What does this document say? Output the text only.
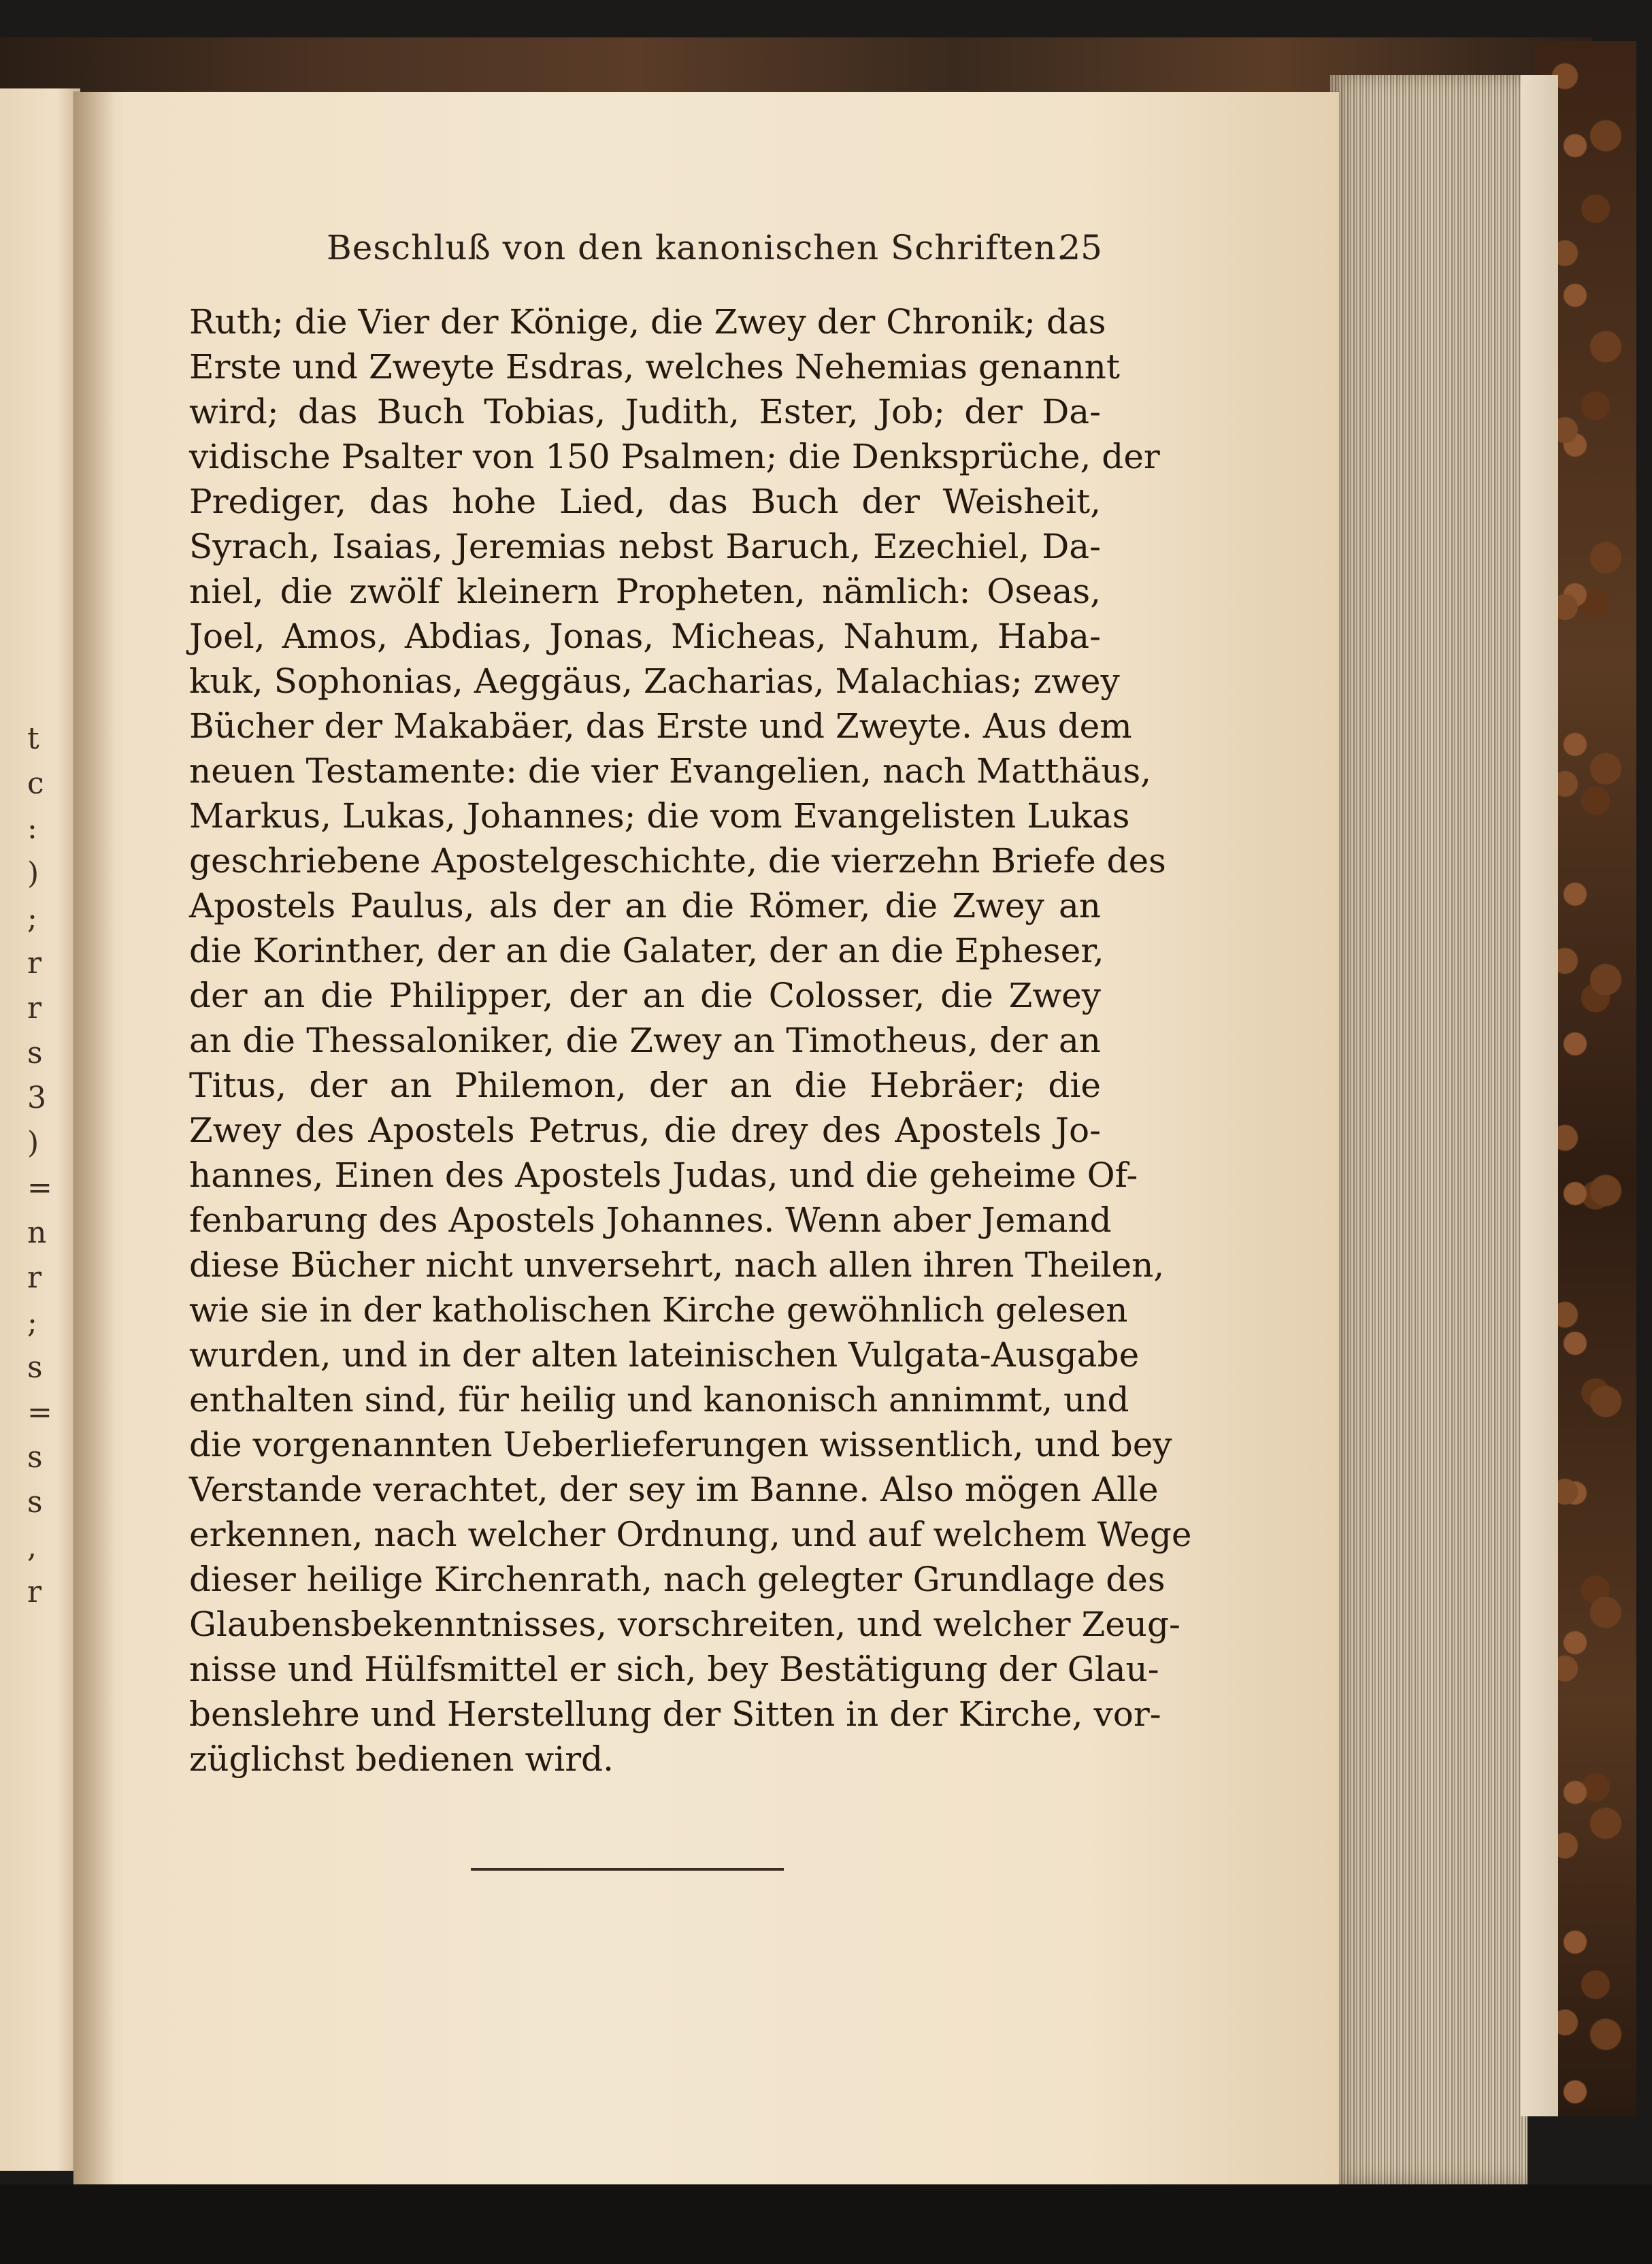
t
c
:
)
;
r
r
s
3
)
=
n
r
;
s
=
s
s
,
r
Beschluß von den kanonischen Schriften.
25
Ruth; die Vier der Könige, die Zwey der Chronik; das
Erste und Zweyte Esdras, welches Nehemias genannt
wird; das Buch Tobias, Judith, Ester, Job; der Da-
vidische Psalter von 150 Psalmen; die Denksprüche, der
Prediger, das hohe Lied, das Buch der Weisheit,
Syrach, Isaias, Jeremias nebst Baruch, Ezechiel, Da-
niel, die zwölf kleinern Propheten, nämlich: Oseas,
Joel, Amos, Abdias, Jonas, Micheas, Nahum, Haba-
kuk, Sophonias, Aeggäus, Zacharias, Malachias; zwey
Bücher der Makabäer, das Erste und Zweyte. Aus dem
neuen Testamente: die vier Evangelien, nach Matthäus,
Markus, Lukas, Johannes; die vom Evangelisten Lukas
geschriebene Apostelgeschichte, die vierzehn Briefe des
Apostels Paulus, als der an die Römer, die Zwey an
die Korinther, der an die Galater, der an die Epheser,
der an die Philipper, der an die Colosser, die Zwey
an die Thessaloniker, die Zwey an Timotheus, der an
Titus, der an Philemon, der an die Hebräer; die
Zwey des Apostels Petrus, die drey des Apostels Jo-
hannes, Einen des Apostels Judas, und die geheime Of-
fenbarung des Apostels Johannes. Wenn aber Jemand
diese Bücher nicht unversehrt, nach allen ihren Theilen,
wie sie in der katholischen Kirche gewöhnlich gelesen
wurden, und in der alten lateinischen Vulgata-Ausgabe
enthalten sind, für heilig und kanonisch annimmt, und
die vorgenannten Ueberlieferungen wissentlich, und bey
Verstande verachtet, der sey im Banne. Also mögen Alle
erkennen, nach welcher Ordnung, und auf welchem Wege
dieser heilige Kirchenrath, nach gelegter Grundlage des
Glaubensbekenntnisses, vorschreiten, und welcher Zeug-
nisse und Hülfsmittel er sich, bey Bestätigung der Glau-
benslehre und Herstellung der Sitten in der Kirche, vor-
züglichst bedienen wird.
